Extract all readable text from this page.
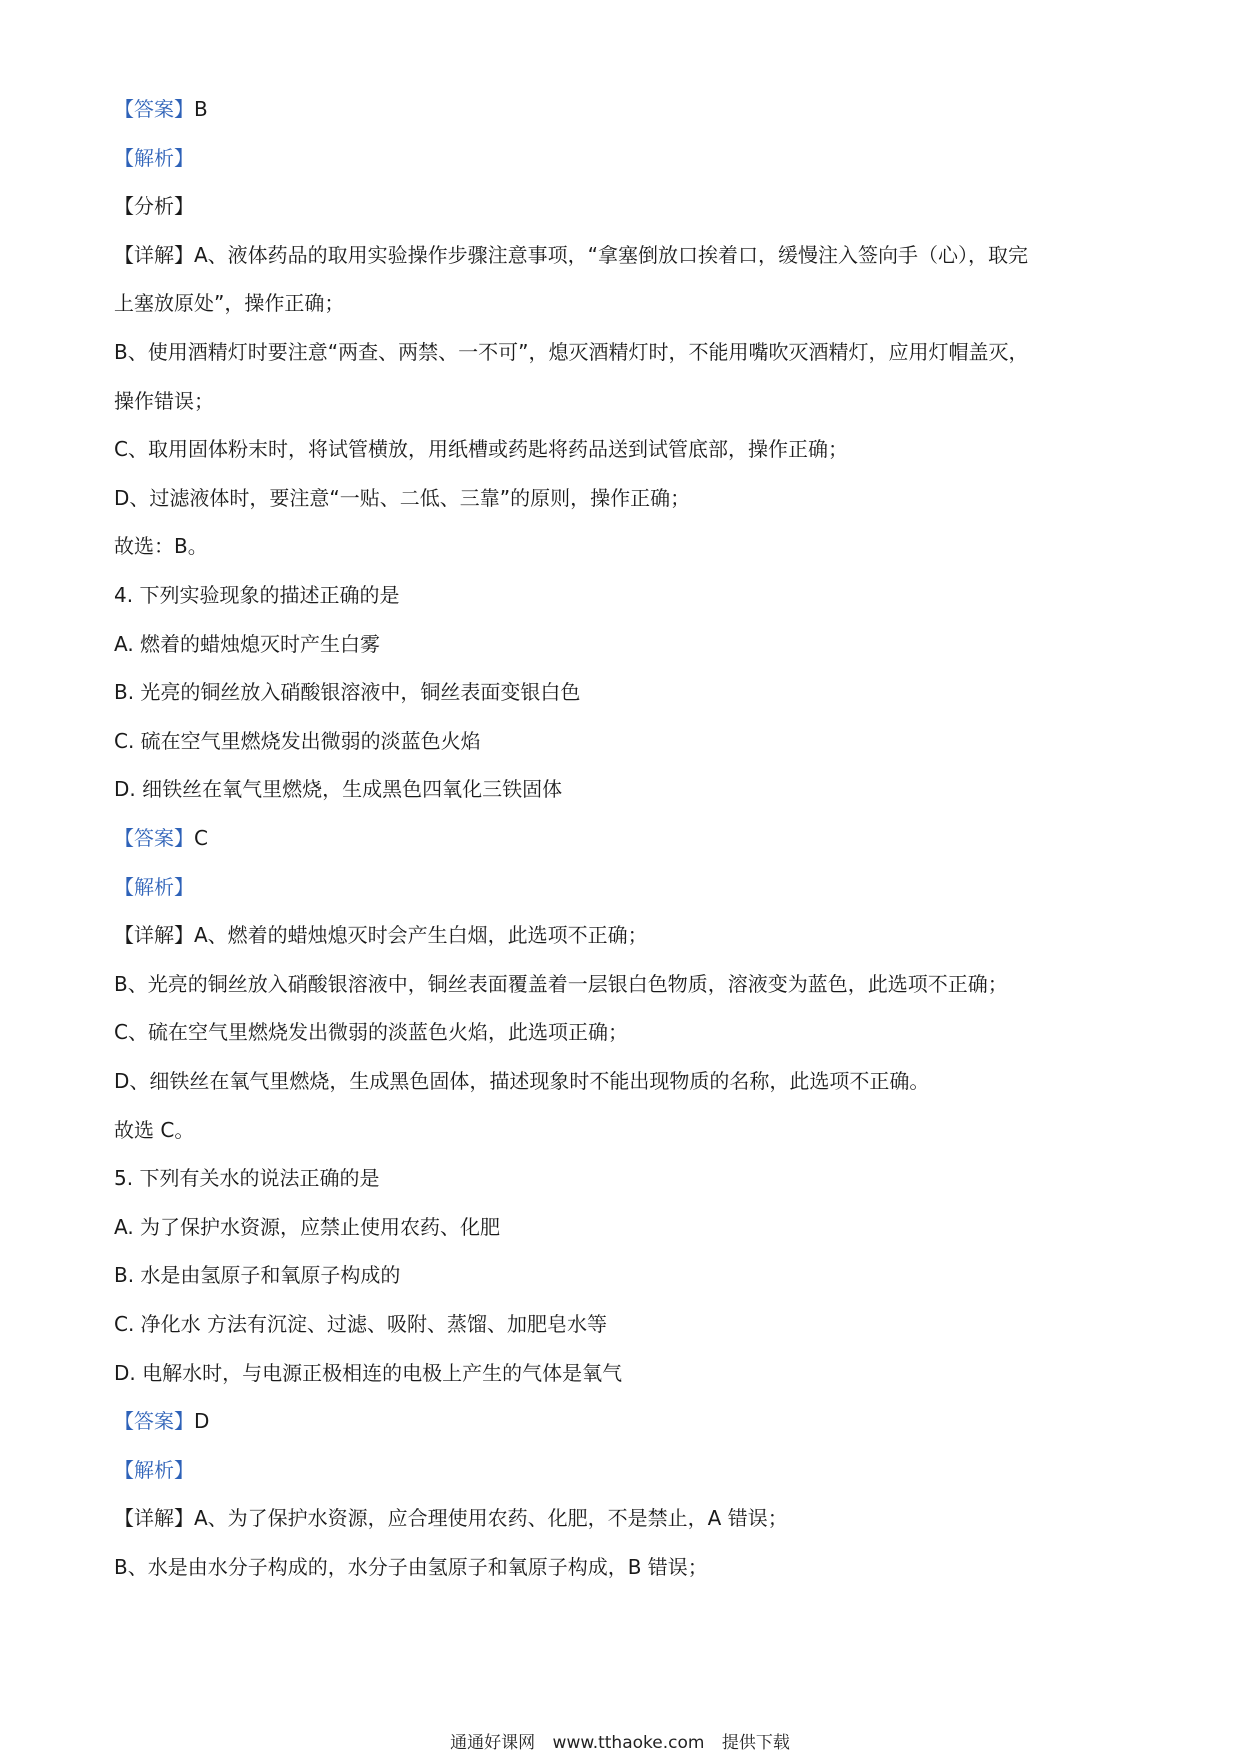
【答案】B
【解析】
【分析】
【详解】A、液体药品的取用实验操作步骤注意事项，“拿塞倒放口挨着口，缓慢注入签向手（心），取完
上塞放原处”，操作正确；
B、使用酒精灯时要注意“两查、两禁、一不可”，熄灭酒精灯时，不能用嘴吹灭酒精灯，应用灯帽盖灭，
操作错误；
C、取用固体粉末时，将试管横放，用纸槽或药匙将药品送到试管底部，操作正确；
D、过滤液体时，要注意“一贴、二低、三靠”的原则，操作正确；
故选：B。
4. 下列实验现象的描述正确的是
A. 燃着的蜡烛熄灭时产生白雾
B. 光亮的铜丝放入硝酸银溶液中，铜丝表面变银白色
C. 硫在空气里燃烧发出微弱的淡蓝色火焰
D. 细铁丝在氧气里燃烧，生成黑色四氧化三铁固体
【答案】C
【解析】
【详解】A、燃着的蜡烛熄灭时会产生白烟，此选项不正确；
B、光亮的铜丝放入硝酸银溶液中，铜丝表面覆盖着一层银白色物质，溶液变为蓝色，此选项不正确；
C、硫在空气里燃烧发出微弱的淡蓝色火焰，此选项正确；
D、细铁丝在氧气里燃烧，生成黑色固体，描述现象时不能出现物质的名称，此选项不正确。
故选 C。
5. 下列有关水的说法正确的是
A. 为了保护水资源，应禁止使用农药、化肥
B. 水是由氢原子和氧原子构成的
C. 净化水 方法有沉淀、过滤、吸附、蒸馏、加肥皂水等
D. 电解水时，与电源正极相连的电极上产生的气体是氧气
【答案】D
【解析】
【详解】A、为了保护水资源，应合理使用农药、化肥，不是禁止，A 错误；
B、水是由水分子构成的，水分子由氢原子和氧原子构成，B 错误；
通通好课网 www.tthaoke.com 提供下载
